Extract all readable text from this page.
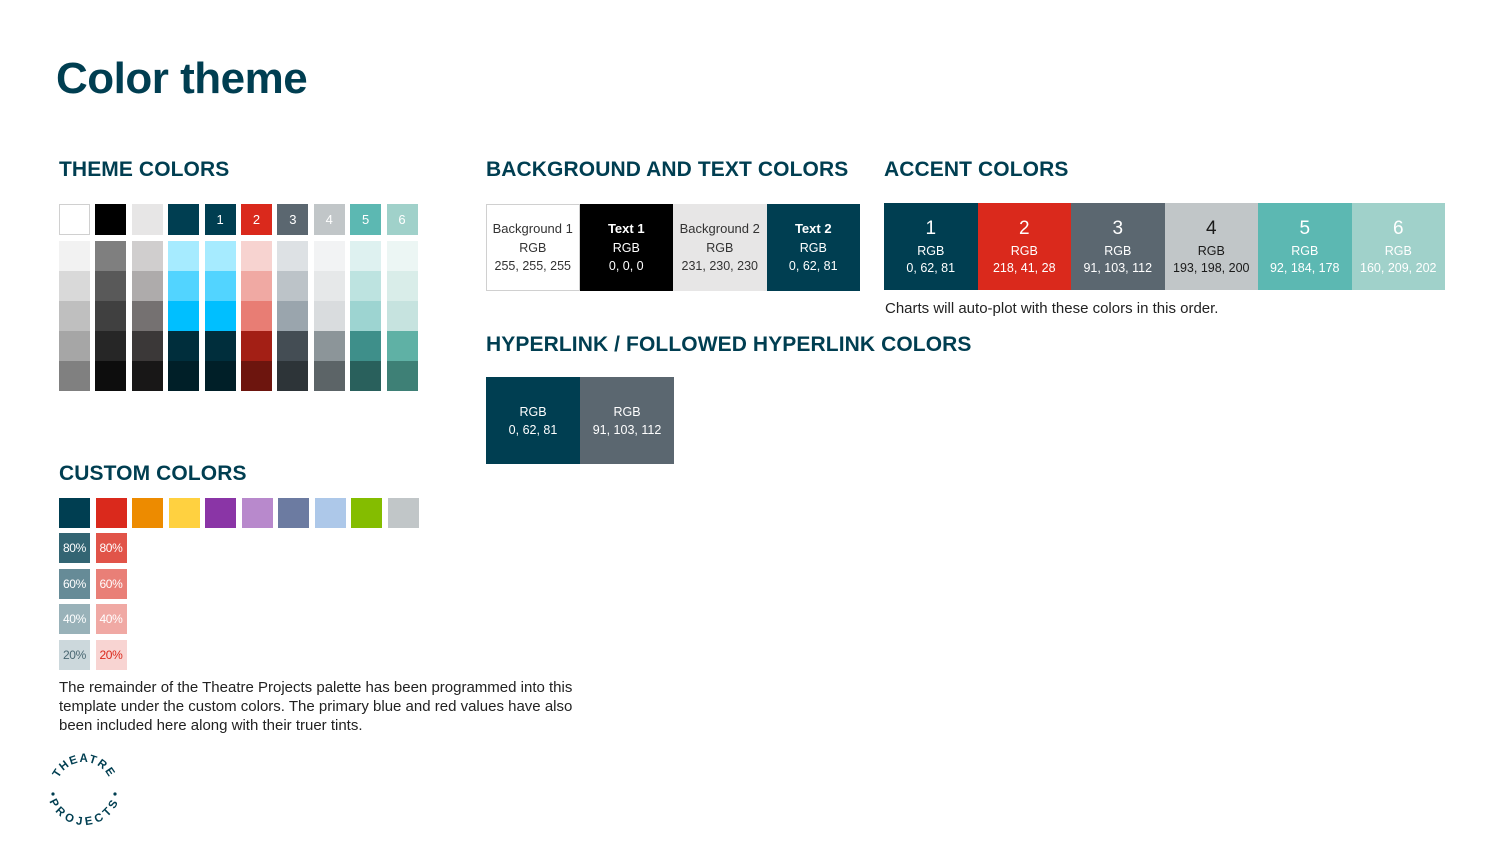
Color theme
THEME COLORS
1	2	3	4	5	6
BACKGROUND AND TEXT COLORS
Background 1
RGB
255, 255, 255
Text 1
RGB
0, 0, 0
Background 2
RGB
231, 230, 230
Text 2
RGB
0, 62, 81
ACCENT COLORS
1
RGB
0, 62, 81
2
RGB
218, 41, 28
3
RGB
91, 103, 112
4
RGB
193, 198, 200
5
RGB
92, 184, 178
6
RGB
160, 209, 202
Charts will auto-plot with these colors in this order.
HYPERLINK / FOLLOWED HYPERLINK COLORS
RGB
0, 62, 81
RGB
91, 103, 112
CUSTOM COLORS
80%	80%
60%	60%
40%	40%
20%	20%
The remainder of the Theatre Projects palette has been programmed into this template under the custom colors. The primary blue and red values have also been included here along with their truer tints.
THEATRE
PROJECTS
